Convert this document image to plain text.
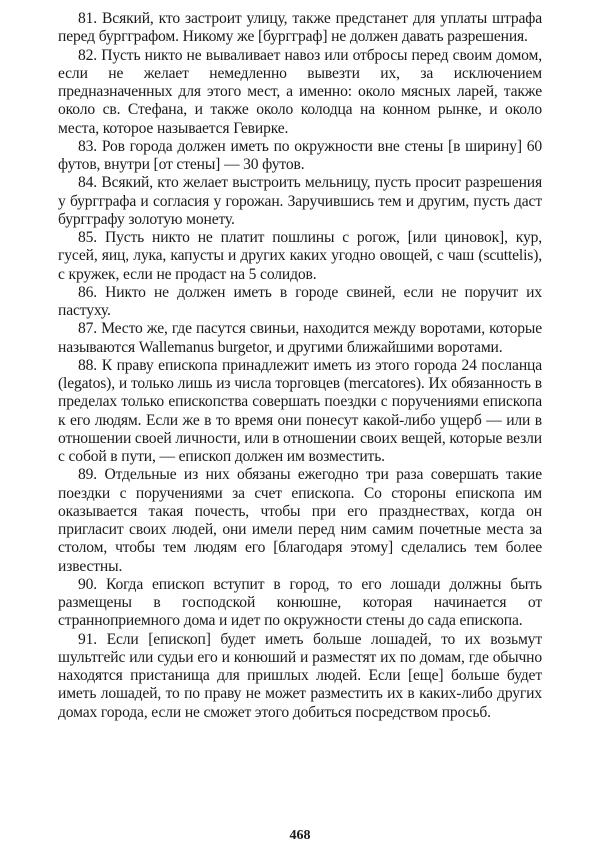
81. Всякий, кто застроит улицу, также предстанет для уплаты штрафа перед бургграфом. Никому же [бургграф] не должен давать разрешения.

82. Пусть никто не вываливает навоз или отбросы перед своим домом, если не желает немедленно вывезти их, за исключением предназначенных для этого мест, а именно: около мясных ларей, также около св. Стефана, и также около колодца на конном рынке, и около места, которое называется Гевирке.

83. Ров города должен иметь по окружности вне стены [в ширину] 60 футов, внутри [от стены] — 30 футов.

84. Всякий, кто желает выстроить мельницу, пусть просит разрешения у бургграфа и согласия у горожан. Заручившись тем и другим, пусть даст бургграфу золотую монету.

85. Пусть никто не платит пошлины с рогож, [или циновок], кур, гусей, яиц, лука, капусты и других каких угодно овощей, с чаш (scuttelis), с кружек, если не продаст на 5 солидов.

86. Никто не должен иметь в городе свиней, если не поручит их пастуху.

87. Место же, где пасутся свиньи, находится между воротами, которые называются Wallemanus burgetor, и другими ближайшими воротами.

88. К праву епископа принадлежит иметь из этого города 24 посланца (legatos), и только лишь из числа торговцев (mercatores). Их обязанность в пределах только епископства совершать поездки с поручениями епископа к его людям. Если же в то время они понесут какой-либо ущерб — или в отношении своей личности, или в отношении своих вещей, которые везли с собой в пути, — епископ должен им возместить.

89. Отдельные из них обязаны ежегодно три раза совершать такие поездки с поручениями за счет епископа. Со стороны епископа им оказывается такая почесть, чтобы при его празднествах, когда он пригласит своих людей, они имели перед ним самим почетные места за столом, чтобы тем людям его [благодаря этому] сделались тем более известны.

90. Когда епископ вступит в город, то его лошади должны быть размещены в господской конюшне, которая начинается от странноприемного дома и идет по окружности стены до сада епископа.

91. Если [епископ] будет иметь больше лошадей, то их возьмут шультгейс или судьи его и конюший и разместят их по домам, где обычно находятся пристанища для пришлых людей. Если [еще] больше будет иметь лошадей, то по праву не может разместить их в каких-либо других домах города, если не сможет этого добиться посредством просьб.

468
